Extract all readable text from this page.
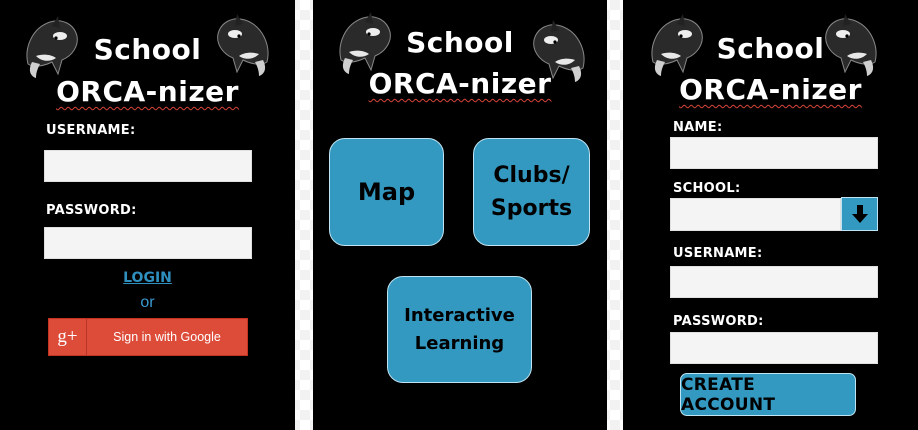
School
ORCA-nizer
USERNAME:
PASSWORD:
LOGIN
or
g+	Sign in with Google
School
ORCA-nizer
Map
Clubs/
Sports
Interactive
Learning
School
ORCA-nizer
NAME:
SCHOOL:
USERNAME:
PASSWORD:
CREATE ACCOUNT
